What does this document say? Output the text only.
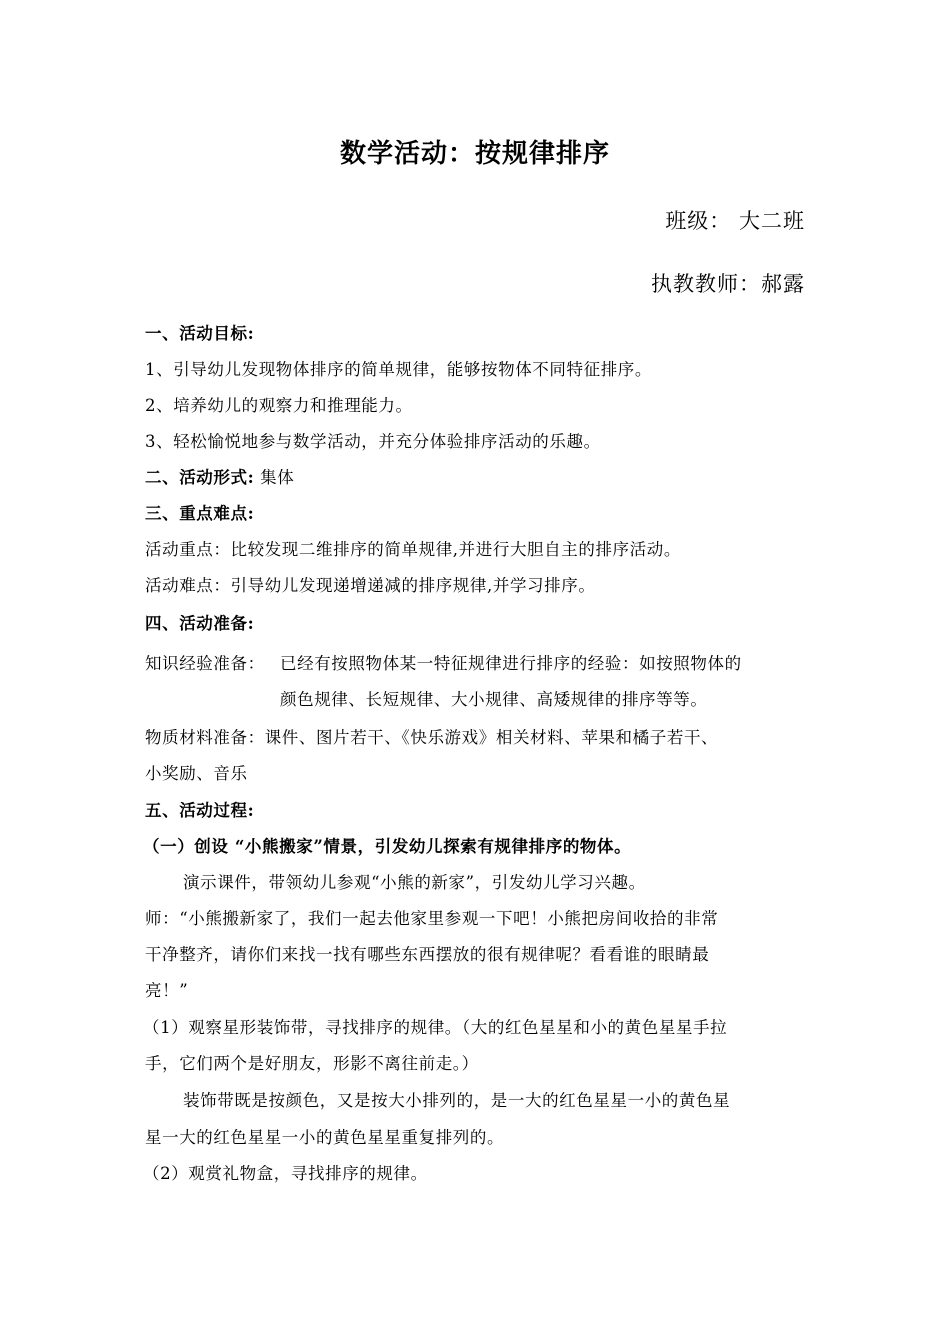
数学活动：按规律排序
班级： 大二班
执教教师：郝露
一、活动目标:
1、引导幼儿发现物体排序的简单规律，能够按物体不同特征排序。
2、培养幼儿的观察力和推理能力。
3、轻松愉悦地参与数学活动，并充分体验排序活动的乐趣。
二、活动形式: 集体
三、重点难点:
活动重点：比较发现二维排序的简单规律,并进行大胆自主的排序活动。
活动难点：引导幼儿发现递增递减的排序规律,并学习排序。
四、活动准备:
知识经验准备： 已经有按照物体某一特征规律进行排序的经验：如按照物体的
颜色规律、长短规律、大小规律、高矮规律的排序等等。
物质材料准备：课件、图片若干、《快乐游戏》相关材料、苹果和橘子若干、
小奖励、音乐
五、活动过程:
（一）创设 “小熊搬家”情景，引发幼儿探索有规律排序的物体。
演示课件，带领幼儿参观“小熊的新家”，引发幼儿学习兴趣。
师：“小熊搬新家了，我们一起去他家里参观一下吧！小熊把房间收拾的非常
干净整齐，请你们来找一找有哪些东西摆放的很有规律呢？看看谁的眼睛最
亮！”
（1）观察星形装饰带，寻找排序的规律。（大的红色星星和小的黄色星星手拉
手，它们两个是好朋友，形影不离往前走。）
装饰带既是按颜色，又是按大小排列的，是一大的红色星星一小的黄色星
星一大的红色星星一小的黄色星星重复排列的。
（2）观赏礼物盒，寻找排序的规律。
